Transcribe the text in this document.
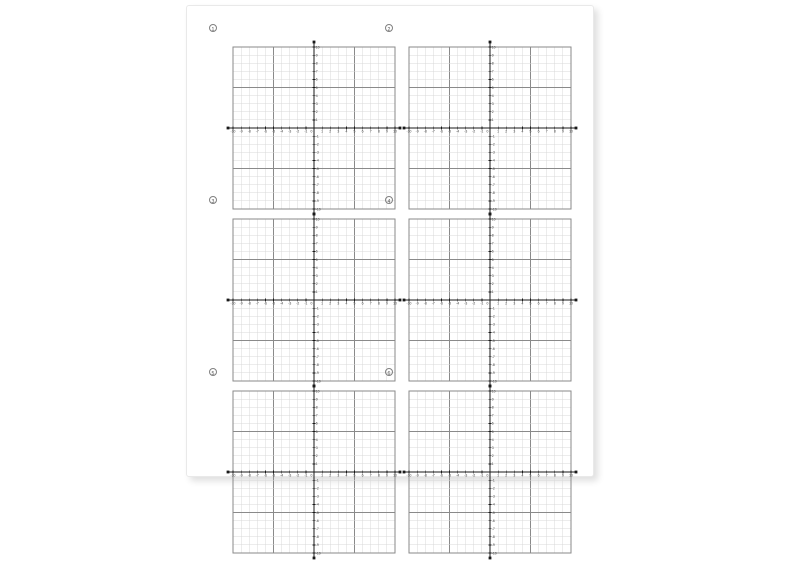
1
-10 -9 -8 -7 -6 -5 -4 -3 -2 -1 0	1 2 3 4 5 6 7 8 9 10
10
9
8
7
6
5
4
3
2
1
-1
-2
-3
-4
-5
-6
-7
-8
-9
-10
2
-10 -9 -8 -7 -6 -5 -4 -3 -2 -1 0	1 2 3 4 5 6 7 8 9 10
10
9
8
7
6
5
4
3
2
1
-1
-2
-3
-4
-5
-6
-7
-8
-9
-10
3
-10 -9 -8 -7 -6 -5 -4 -3 -2 -1 0	1 2 3 4 5 6 7 8 9 10
10
9
8
7
6
5
4
3
2
1
-1
-2
-3
-4
-5
-6
-7
-8
-9
-10
4
-10 -9 -8 -7 -6 -5 -4 -3 -2 -1 0	1 2 3 4 5 6 7 8 9 10
10
9
8
7
6
5
4
3
2
1
-1
-2
-3
-4
-5
-6
-7
-8
-9
-10
5
-10 -9 -8 -7 -6 -5 -4 -3 -2 -1 0	1 2 3 4 5 6 7 8 9 10
10
9
8
7
6
5
4
3
2
1
-1
-2
-3
-4
-5
-6
-7
-8
-9
-10
6
-10 -9 -8 -7 -6 -5 -4 -3 -2 -1 0	1 2 3 4 5 6 7 8 9 10
10
9
8
7
6
5
4
3
2
1
-1
-2
-3
-4
-5
-6
-7
-8
-9
-10
